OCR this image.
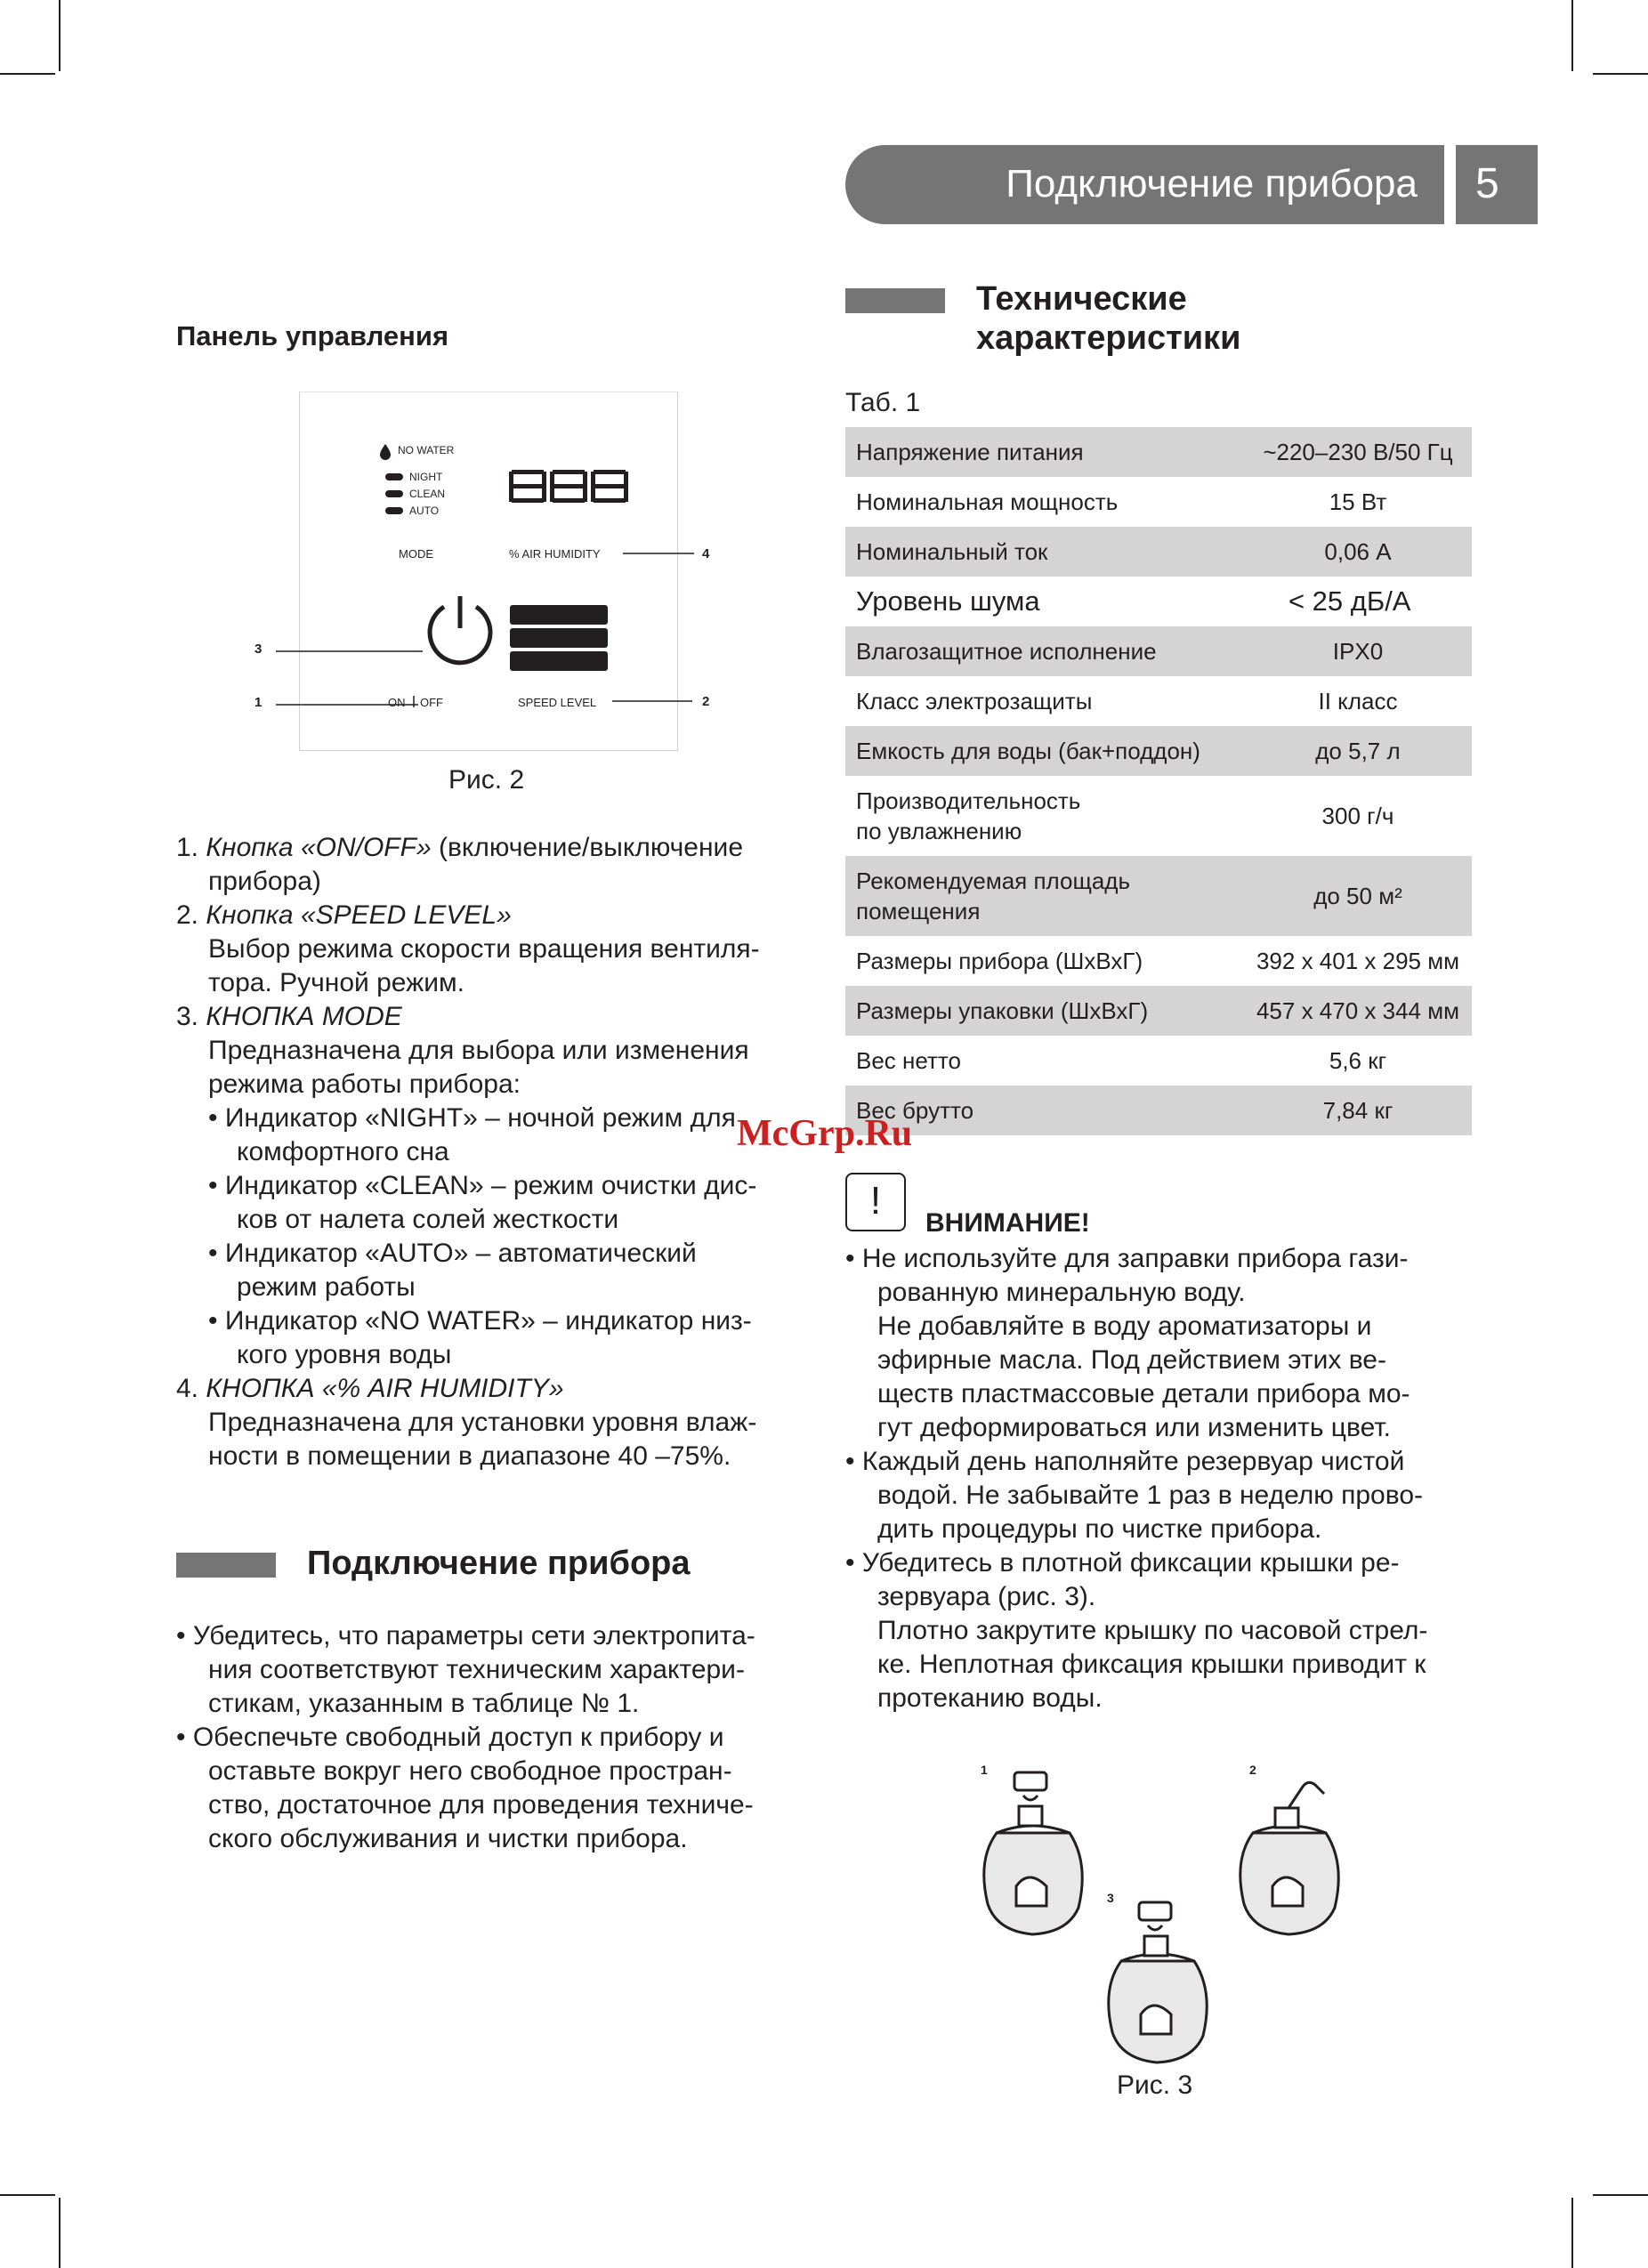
Подключение прибора 5
Панель управления
NO WATER
NIGHT
CLEAN
AUTO
MODE	% AIR HUMIDITY	4
3
1	ON OFF	SPEED LEVEL	2
Рис. 2
1. Кнопка «ON/OFF» (включение/выключение
прибора)
2. Кнопка «SPEED LEVEL»
Выбор режима скорости вращения вентиля-
тора. Ручной режим.
3. КНОПКА MODE
Предназначена для выбора или изменения
режима работы прибора:
• Индикатор «NIGHT» – ночной режим для
комфортного сна
• Индикатор «CLEAN» – режим очистки дис-
ков от налета солей жесткости
• Индикатор «AUTO» – автоматический
режим работы
• Индикатор «NO WATER» – индикатор низ-
кого уровня воды
4. КНОПКА «% AIR HUMIDITY»
Предназначена для установки уровня влаж-
ности в помещении в диапазоне 40 –75%.
Подключение прибора
• Убедитесь, что параметры сети электропита-
ния соответствуют техническим характери-
стикам, указанным в таблице № 1.
• Обеспечьте свободный доступ к прибору и
оставьте вокруг него свободное простран-
ство, достаточное для проведения техниче-
ского обслуживания и чистки прибора.
Технические
характеристики
Таб. 1
Напряжение питания	~220–230 В/50 Гц
Номинальная мощность	15 Вт
Номинальный ток	0,06 А
Уровень шума	< 25 дБ/А
Влагозащитное исполнение	IPX0
Класс электрозащиты	II класс
Емкость для воды (бак+поддон)	до 5,7 л

Производительность
по увлажнению	300 г/ч

Рекомендуемая площадь
помещения	до 50 м²
Размеры прибора (ШхВхГ)	392 x 401 x 295 мм
Размеры упаковки (ШхВхГ)	457 x 470 x 344 мм
Вес нетто	5,6 кг
Вес брутто	7,84 кг
McGrp.Ru
!
ВНИМАНИЕ!
• Не используйте для заправки прибора гази-
рованную минеральную воду.
Не добавляйте в воду ароматизаторы и
эфирные масла. Под действием этих ве-
ществ пластмассовые детали прибора мо-
гут деформироваться или изменить цвет.
• Каждый день наполняйте резервуар чистой
водой. Не забывайте 1 раз в неделю прово-
дить процедуры по чистке прибора.
• Убедитесь в плотной фиксации крышки ре-
зервуара (рис. 3).
Плотно закрутите крышку по часовой стрел-
ке. Неплотная фиксация крышки приводит к
протеканию воды.
1	2
3
Рис. 3
